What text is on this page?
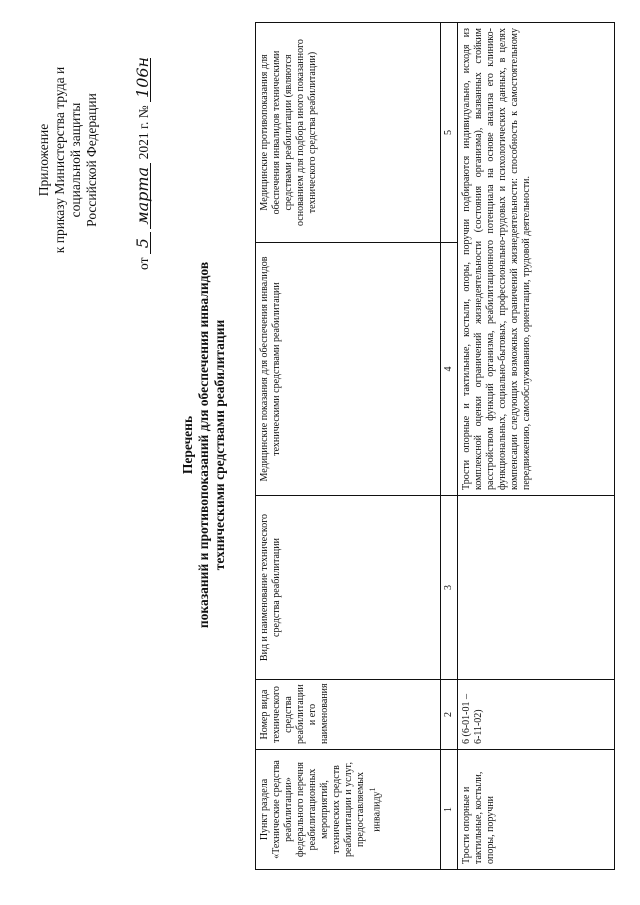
Приложение к приказу Министерства труда и социальной защиты Российской Федерации
от 5 марта 2021 г. № 106н
Перечень показаний и противопоказаний для обеспечения инвалидов техническими средствами реабилитации
Пункт раздела «Технические средства реабилитации» федерального перечня реабилитационных мероприятий, технических средств реабилитации и услуг, предоставляемых инвалиду$^1$	Номер вида технического средства реабилитации и его наименования	Вид и наименование технического средства реабилитации	Медицинские показания для обеспечения инвалидов техническими средствами реабилитации	Медицинские противопоказания для обеспечения инвалидов техническими средствами реабилитации (являются основанием для подбора иного показанного технического средства реабилитации)
1	2	3	4	5
Трости опорные и тактильные, костыли, опоры, поручни	6 (6-01-01 – 6-11-02)		Трости опорные и тактильные, костыли, опоры, поручни подбираются индивидуально, исходя из комплексной оценки ограничений жизнедеятельности (состояния организма), вызванных стойким расстройством функций организма, реабилитационного потенциала на основе анализа его клинико-функциональных, социально-бытовых, профессионально-трудовых и психологических данных, в целях компенсации следующих возможных ограничений жизнедеятельности: способность к самостоятельному передвижению, самообслуживанию, ориентации, трудовой деятельности.	
